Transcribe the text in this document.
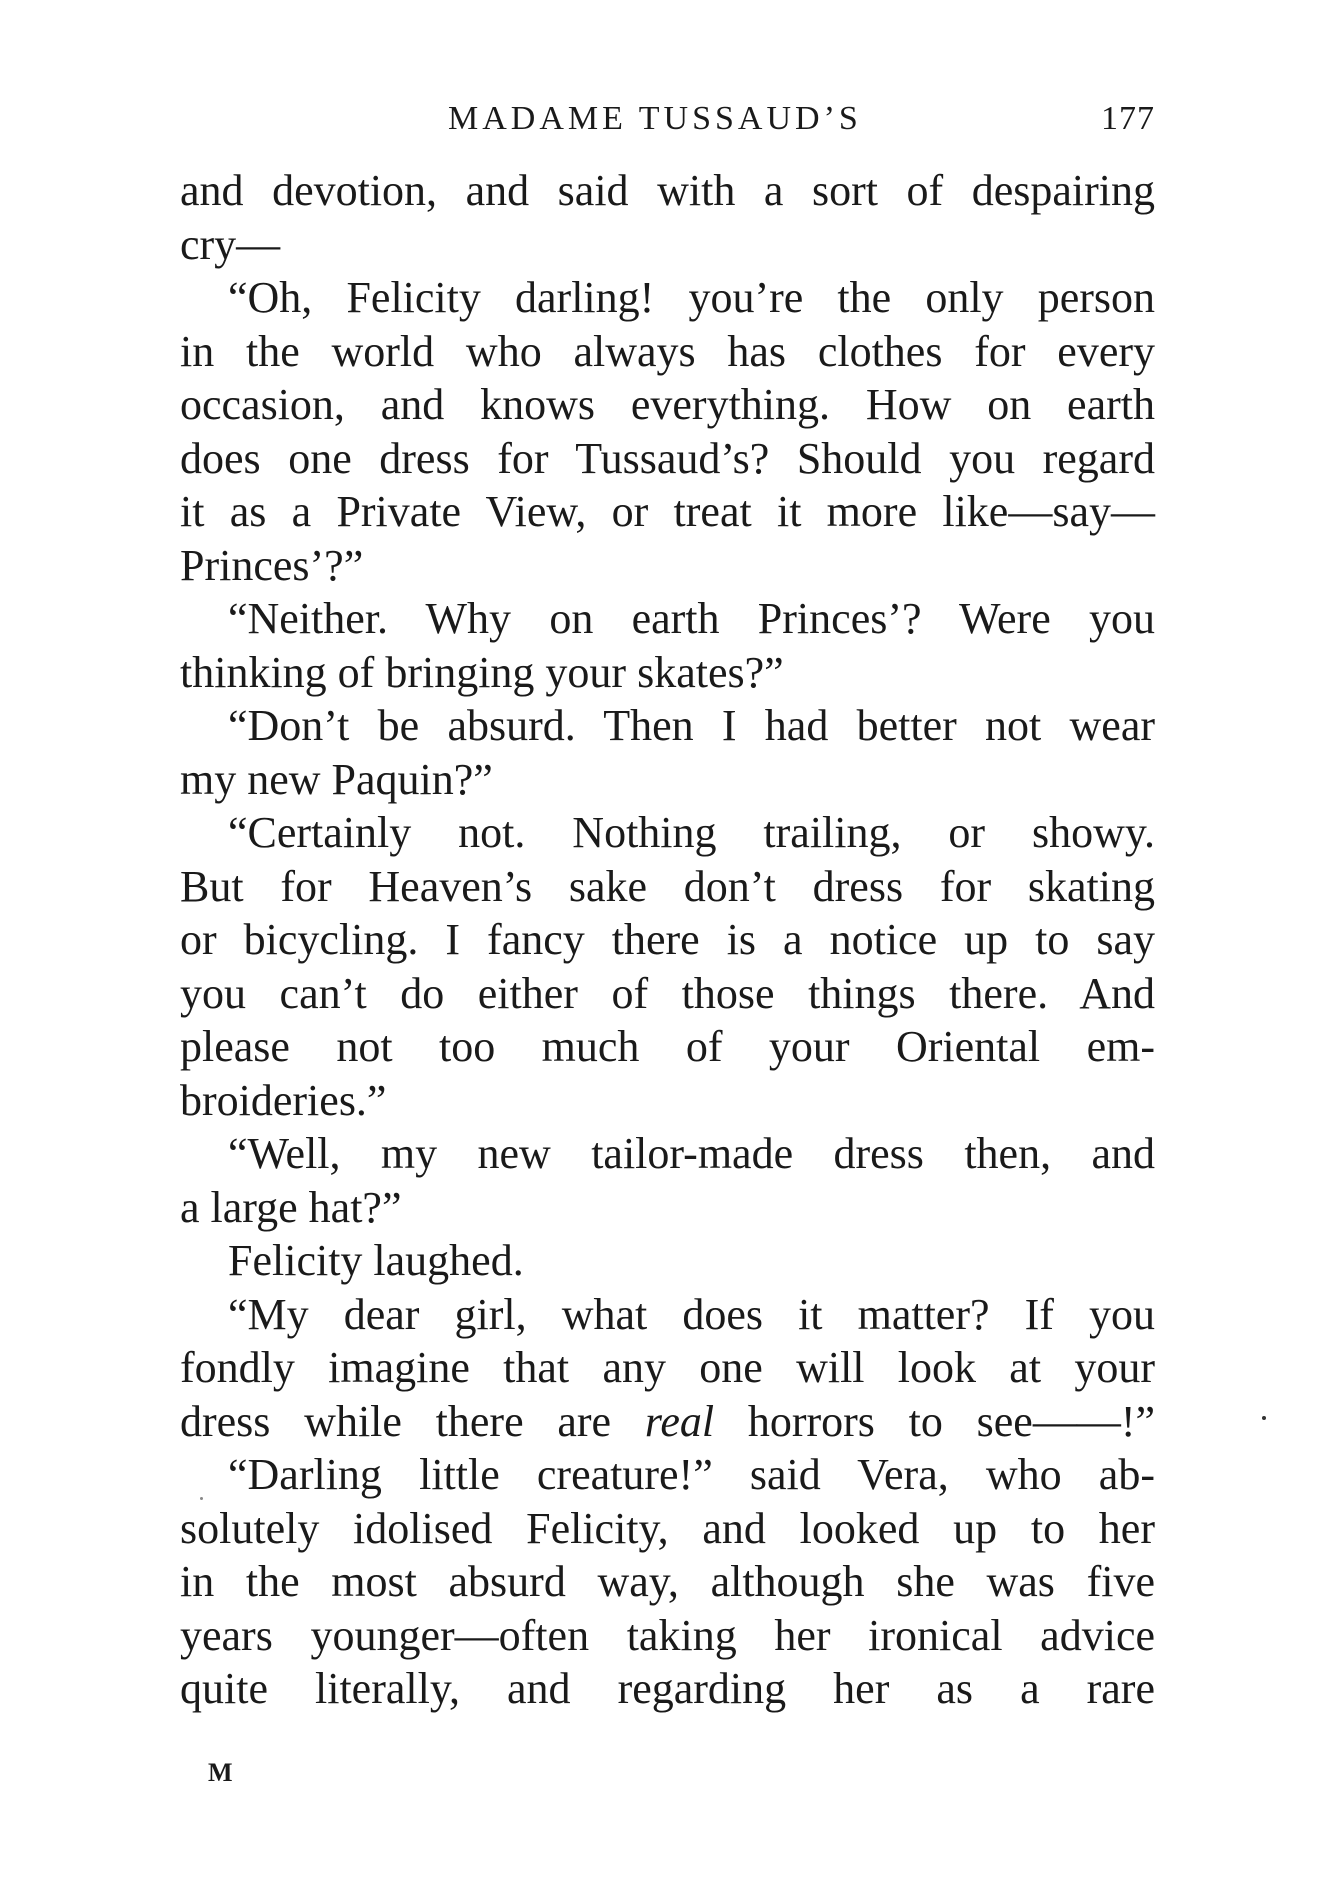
MADAME TUSSAUD’S	177
and devotion, and said with a sort of despairing
cry—
“Oh, Felicity darling! you’re the only person
in the world who always has clothes for every
occasion, and knows everything. How on earth
does one dress for Tussaud’s? Should you regard
it as a Private View, or treat it more like—say—
Princes’?”
“Neither. Why on earth Princes’? Were you
thinking of bringing your skates?”
“Don’t be absurd. Then I had better not wear
my new Paquin?”
“Certainly not. Nothing trailing, or showy.
But for Heaven’s sake don’t dress for skating
or bicycling. I fancy there is a notice up to say
you can’t do either of those things there. And
please not too much of your Oriental em-
broideries.”
“Well, my new tailor-made dress then, and
a large hat?”
Felicity laughed.
“My dear girl, what does it matter? If you
fondly imagine that any one will look at your
dress while there are real horrors to see——!”
“Darling little creature!” said Vera, who ab-
solutely idolised Felicity, and looked up to her
in the most absurd way, although she was five
years younger—often taking her ironical advice
quite literally, and regarding her as a rare
M
